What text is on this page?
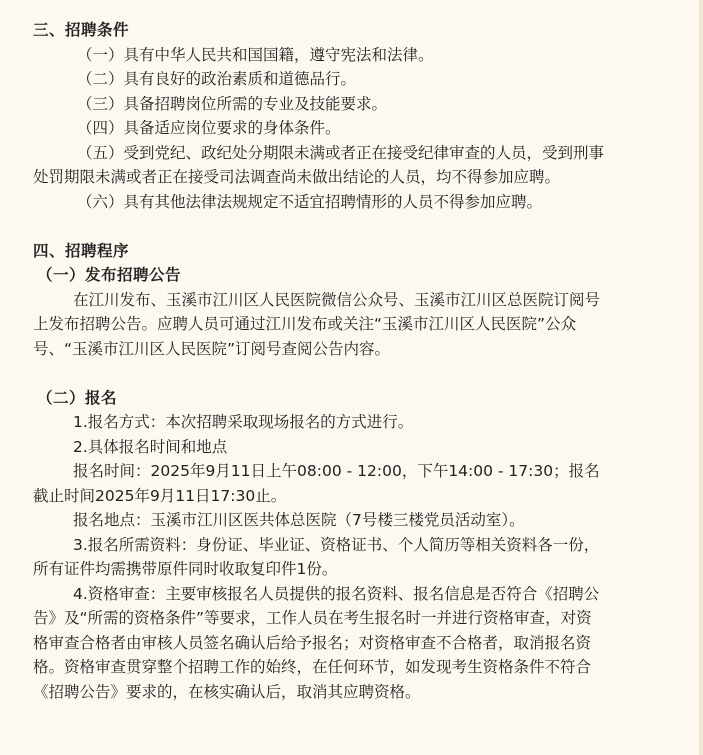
三、招聘条件

（一）具有中华人民共和国国籍，遵守宪法和法律。

（二）具有良好的政治素质和道德品行。

（三）具备招聘岗位所需的专业及技能要求。

（四）具备适应岗位要求的身体条件。

（五）受到党纪、政纪处分期限未满或者正在接受纪律审查的人员，受到刑事

处罚期限未满或者正在接受司法调查尚未做出结论的人员，均不得参加应聘。

（六）具有其他法律法规规定不适宜招聘情形的人员不得参加应聘。

四、招聘程序

（一）发布招聘公告

在江川发布、玉溪市江川区人民医院微信公众号、玉溪市江川区总医院订阅号

上发布招聘公告。应聘人员可通过江川发布或关注“玉溪市江川区人民医院”公众

号、“玉溪市江川区人民医院”订阅号查阅公告内容。

（二）报名

1.报名方式：本次招聘采取现场报名的方式进行。

2.具体报名时间和地点

报名时间：2025年9月11日上午08:00 - 12:00，下午14:00 - 17:30；报名

截止时间2025年9月11日17:30止。

报名地点：玉溪市江川区医共体总医院（7号楼三楼党员活动室）。

3.报名所需资料：身份证、毕业证、资格证书、个人简历等相关资料各一份，

所有证件均需携带原件同时收取复印件1份。

4.资格审查：主要审核报名人员提供的报名资料、报名信息是否符合《招聘公

告》及“所需的资格条件”等要求，工作人员在考生报名时一并进行资格审查，对资

格审查合格者由审核人员签名确认后给予报名；对资格审查不合格者，取消报名资

格。资格审查贯穿整个招聘工作的始终，在任何环节，如发现考生资格条件不符合

《招聘公告》要求的，在核实确认后，取消其应聘资格。
